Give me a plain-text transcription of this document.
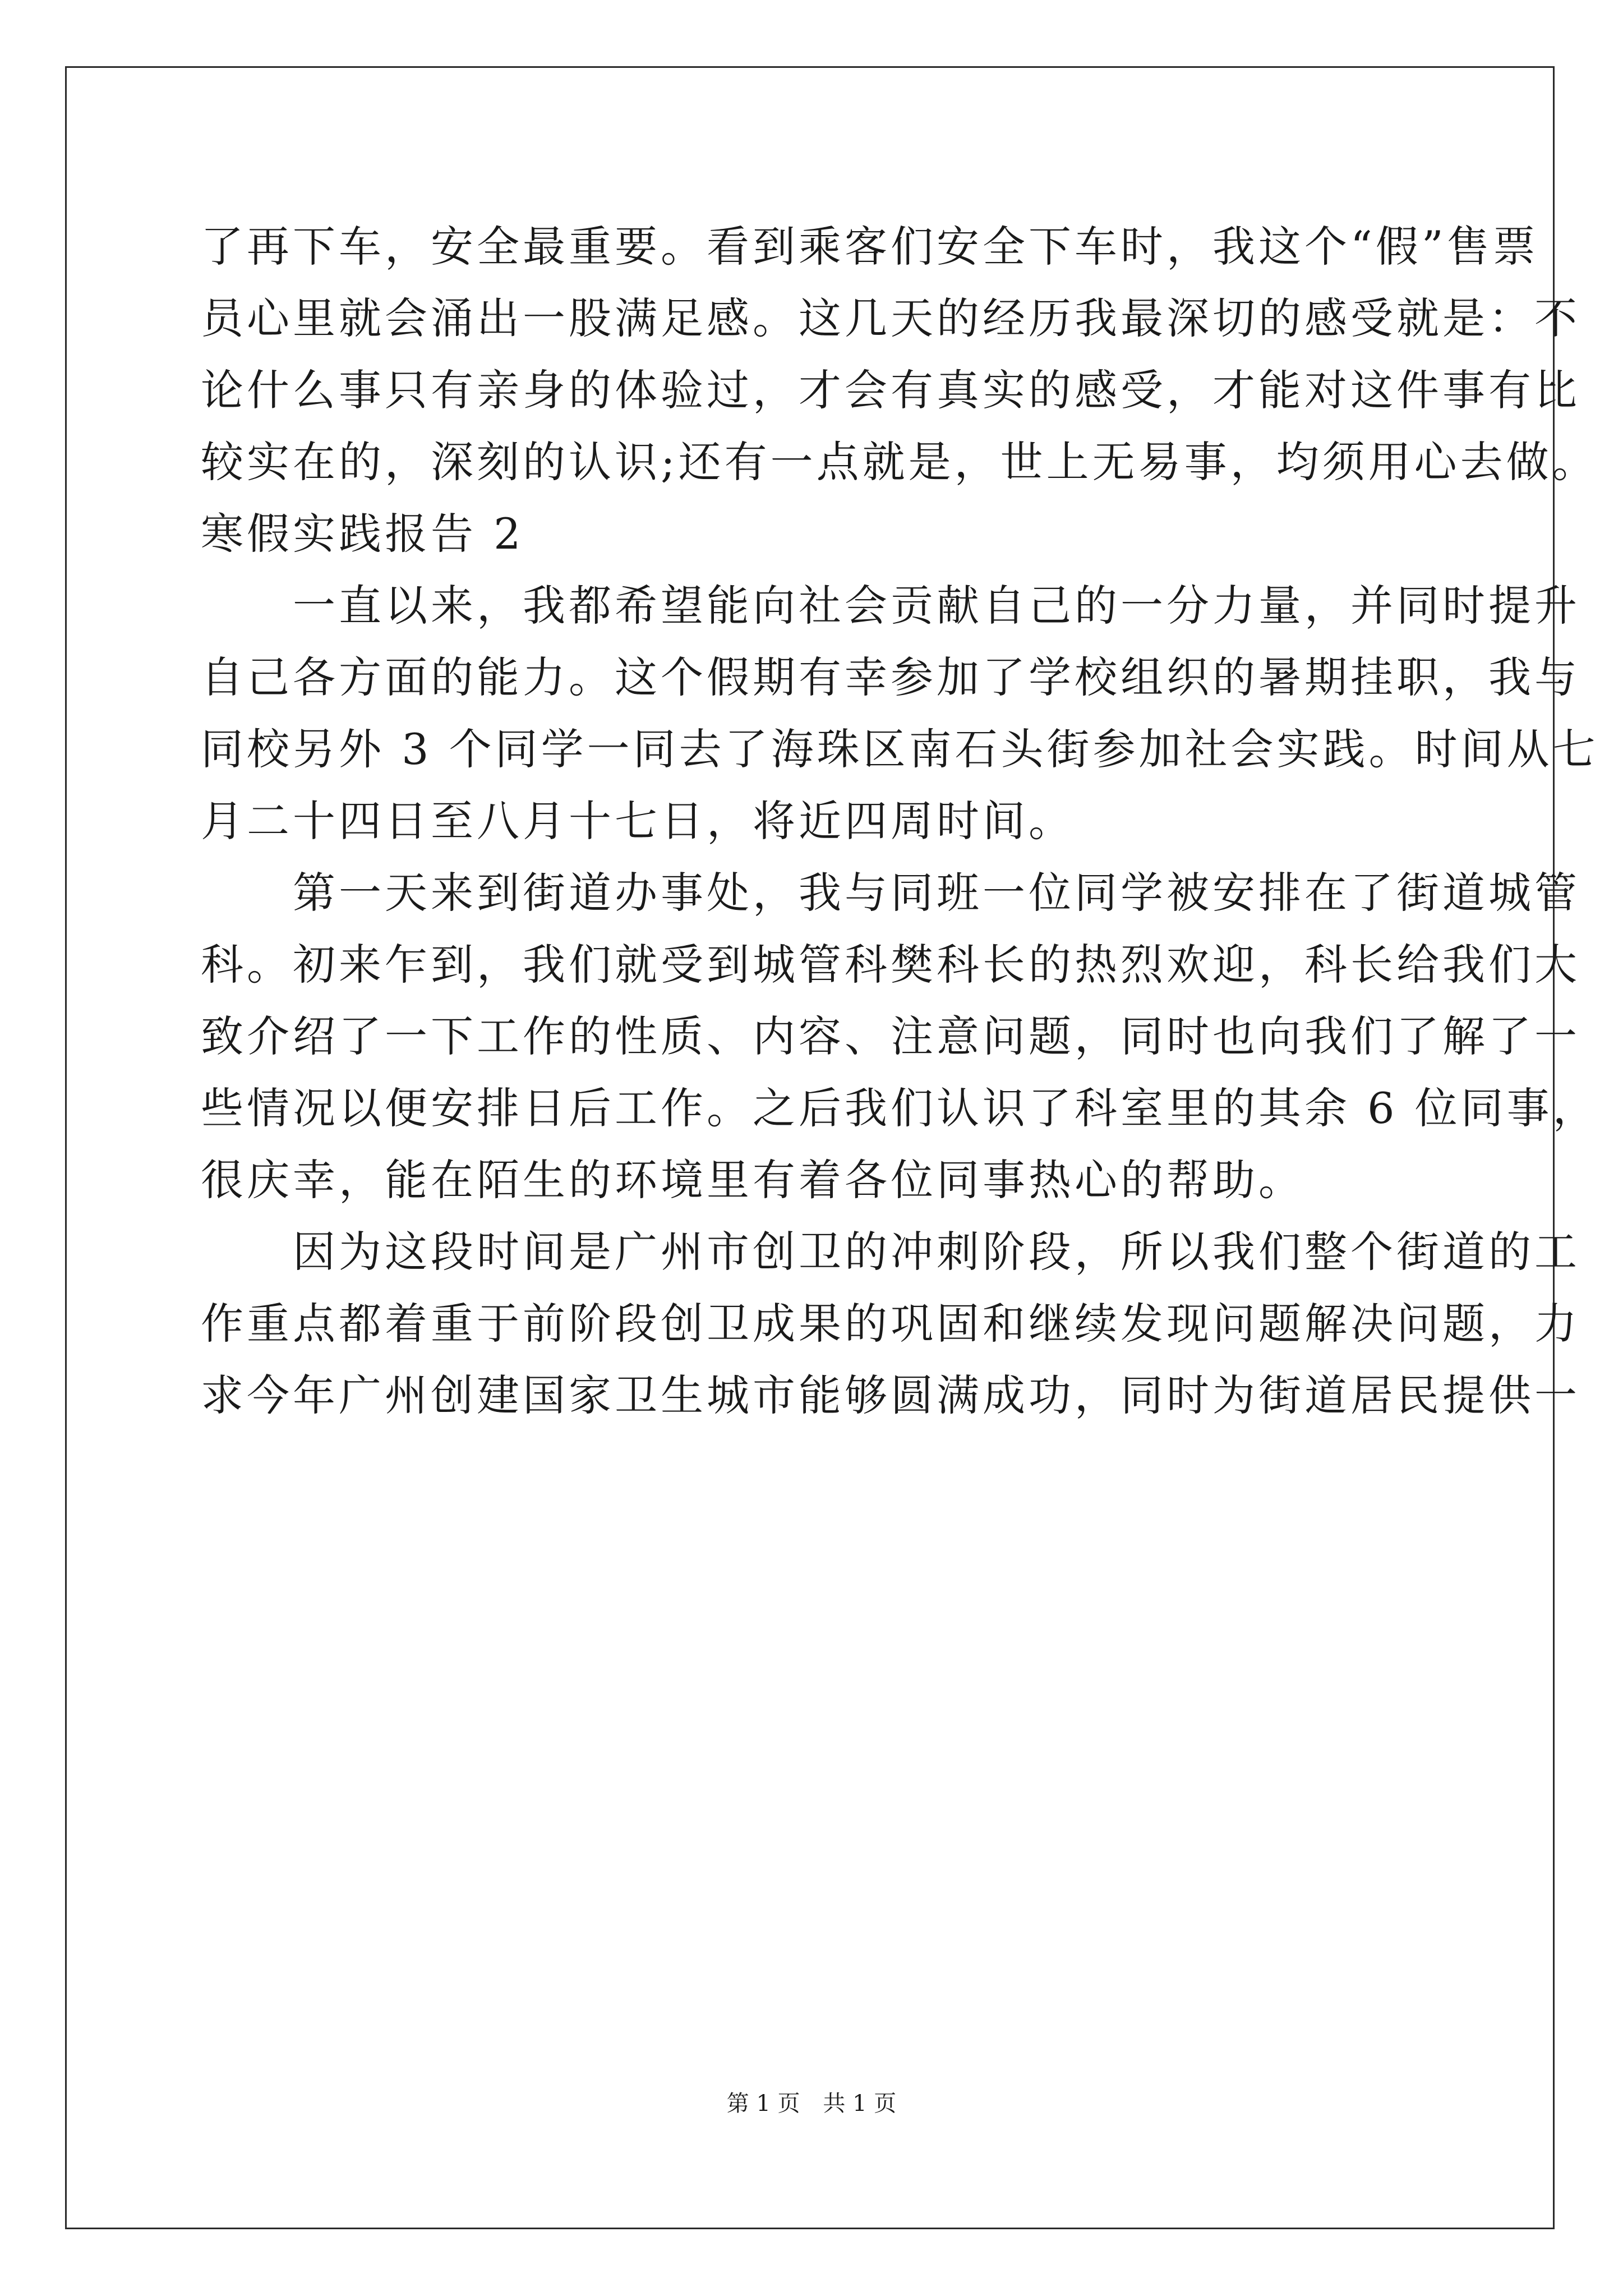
了再下车，安全最重要。看到乘客们安全下车时，我这个“假”售票
员心里就会涌出一股满足感。这几天的经历我最深切的感受就是：不
论什么事只有亲身的体验过，才会有真实的感受，才能对这件事有比
较实在的，深刻的认识;还有一点就是，世上无易事，均须用心去做。
寒假实践报告 2
　　一直以来，我都希望能向社会贡献自己的一分力量，并同时提升
自己各方面的能力。这个假期有幸参加了学校组织的暑期挂职，我与
同校另外 3 个同学一同去了海珠区南石头街参加社会实践。时间从七
月二十四日至八月十七日，将近四周时间。
　　第一天来到街道办事处，我与同班一位同学被安排在了街道城管
科。初来乍到，我们就受到城管科樊科长的热烈欢迎，科长给我们大
致介绍了一下工作的性质、内容、注意问题，同时也向我们了解了一
些情况以便安排日后工作。之后我们认识了科室里的其余 6 位同事，
很庆幸，能在陌生的环境里有着各位同事热心的帮助。
　　因为这段时间是广州市创卫的冲刺阶段，所以我们整个街道的工
作重点都着重于前阶段创卫成果的巩固和继续发现问题解决问题，力
求今年广州创建国家卫生城市能够圆满成功，同时为街道居民提供一
第 1 页 共 1 页
